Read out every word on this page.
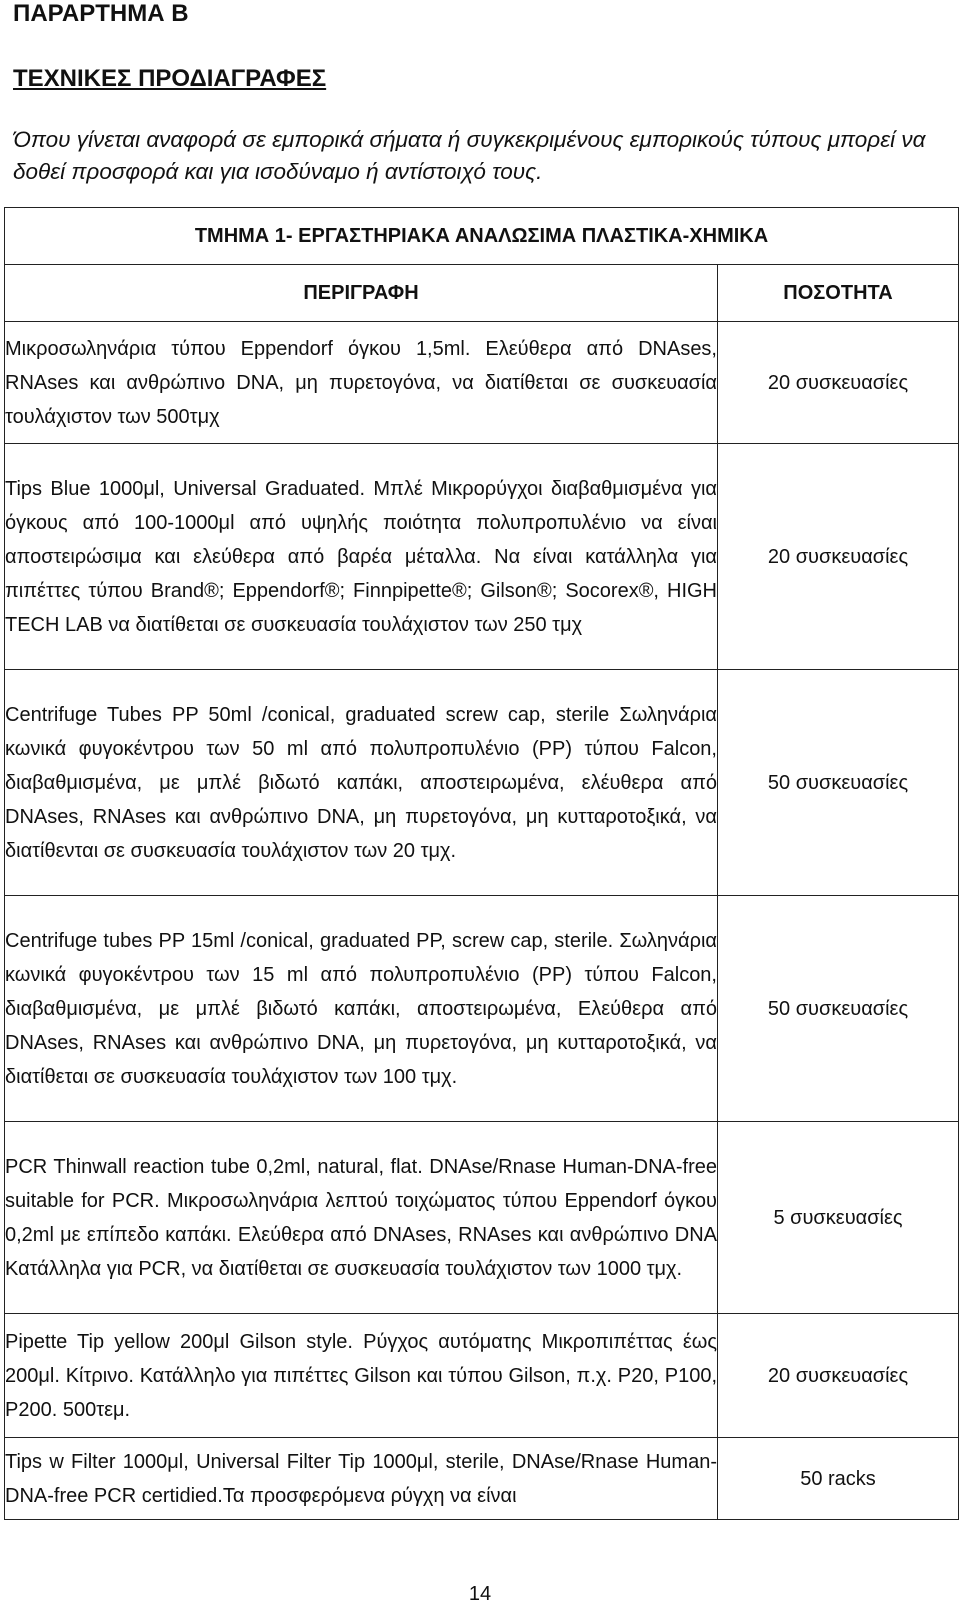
ΠΑΡΑΡΤΗΜΑ Β
ΤΕΧΝΙΚΕΣ ΠΡΟΔΙΑΓΡΑΦΕΣ

Όπου γίνεται αναφορά σε εμπορικά σήματα ή συγκεκριμένους εμπορικούς τύπους μπορεί να δοθεί προσφορά και για ισοδύναμο ή αντίστοιχό τους.

ΤΜΗΜΑ 1- ΕΡΓΑΣΤΗΡΙΑΚΑ ΑΝΑΛΩΣΙΜΑ ΠΛΑΣΤΙΚΑ-ΧΗΜΙΚΑ	
ΠΕΡΙΓΡΑΦΗ	ΠΟΣΟΤΗΤΑ
Μικροσωληνάρια τύπου Eppendorf όγκου 1,5ml. Ελεύθερα από DNAses, RNAses και ανθρώπινο DNA, μη πυρετογόνα, να διατίθεται σε συσκευασία τουλάχιστον των 500τμχ	20 συσκευασίες
Tips Blue 1000μl, Universal Graduated. Μπλέ Μικρορύγχοι διαβαθμισμένα για όγκους από 100-1000μl από υψηλής ποιότητα πολυπροπυλένιο να είναι αποστειρώσιμα και ελεύθερα από βαρέα μέταλλα. Να είναι κατάλληλα για πιπέττες τύπου Brand®; Eppendorf®; Finnpipette®; Gilson®; Socorex®, HIGH TECH LAB να διατίθεται σε συσκευασία τουλάχιστον των 250 τμχ	20 συσκευασίες
Centrifuge Tubes PP 50ml /conical, graduated screw cap, sterile Σωληνάρια κωνικά φυγοκέντρου των 50 ml από πολυπροπυλένιο (PP) τύπου Falcon, διαβαθμισμένα, με μπλέ βιδωτό καπάκι, αποστειρωμένα, ελέυθερα από DNAses, RNAses και ανθρώπινο DNA, μη πυρετογόνα, μη κυτταροτοξικά, να διατίθενται σε συσκευασία τουλάχιστον των 20 τμχ.	50 συσκευασίες
Centrifuge tubes PP 15ml /conical, graduated PP, screw cap, sterile. Σωληνάρια κωνικά φυγοκέντρου των 15 ml από πολυπροπυλένιο (PP) τύπου Falcon, διαβαθμισμένα, με μπλέ βιδωτό καπάκι, αποστειρωμένα, Ελεύθερα από DNAses, RNAses και ανθρώπινο DNA, μη πυρετογόνα, μη κυτταροτοξικά, να διατίθεται σε συσκευασία τουλάχιστον των 100 τμχ.	50 συσκευασίες
PCR Thinwall reaction tube 0,2ml, natural, flat. DNAse/Rnase Human-DNA-free suitable for PCR. Μικροσωληνάρια λεπτού τοιχώματος τύπου Eppendorf όγκου 0,2ml με επίπεδο καπάκι. Ελεύθερα από DNAses, RNAses και ανθρώπινο DNA Κατάλληλα για PCR, να διατίθεται σε συσκευασία τουλάχιστον των 1000 τμχ.	5 συσκευασίες
Pipette Tip yellow 200μl Gilson style. Ρύγχος αυτόματης Μικροπιπέττας έως 200μl. Κίτρινο. Κατάλληλο για πιπέττες Gilson και τύπου Gilson, π.χ. P20, P100, P200. 500τεμ.	20 συσκευασίες
Tips w Filter 1000μl, Universal Filter Tip 1000μl, sterile, DNAse/Rnase Human-DNA-free PCR certidied.Τα προσφερόμενα ρύγχη να είναι	50 racks
14
